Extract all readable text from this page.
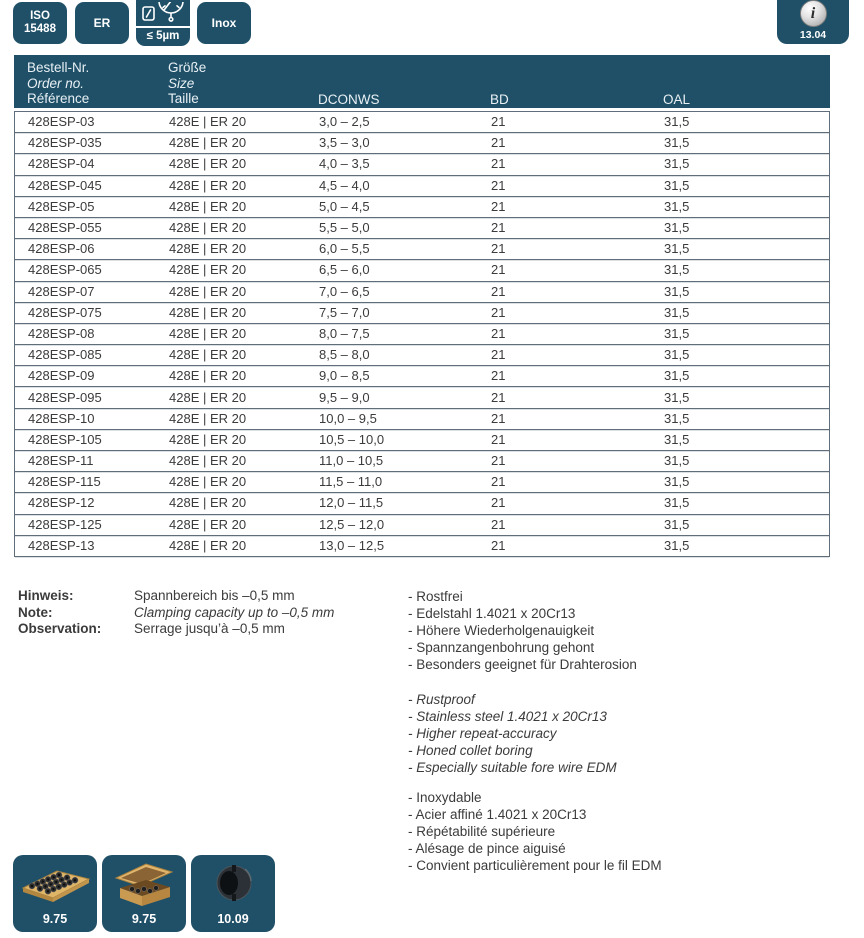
ISO
15488	ER
≤ 5µm
Inox
i
13.04
Bestell-Nr.
Order no.
Référence
Größe
Size
Taille	DCONWS	BD	OAL
428ESP-03	428E | ER 20	3,0 – 2,5	21	31,5
428ESP-035	428E | ER 20	3,5 – 3,0	21	31,5
428ESP-04	428E | ER 20	4,0 – 3,5	21	31,5
428ESP-045	428E | ER 20	4,5 – 4,0	21	31,5
428ESP-05	428E | ER 20	5,0 – 4,5	21	31,5
428ESP-055	428E | ER 20	5,5 – 5,0	21	31,5
428ESP-06	428E | ER 20	6,0 – 5,5	21	31,5
428ESP-065	428E | ER 20	6,5 – 6,0	21	31,5
428ESP-07	428E | ER 20	7,0 – 6,5	21	31,5
428ESP-075	428E | ER 20	7,5 – 7,0	21	31,5
428ESP-08	428E | ER 20	8,0 – 7,5	21	31,5
428ESP-085	428E | ER 20	8,5 – 8,0	21	31,5
428ESP-09	428E | ER 20	9,0 – 8,5	21	31,5
428ESP-095	428E | ER 20	9,5 – 9,0	21	31,5
428ESP-10	428E | ER 20	10,0 – 9,5	21	31,5
428ESP-105	428E | ER 20	10,5 – 10,0	21	31,5
428ESP-11	428E | ER 20	11,0 – 10,5	21	31,5
428ESP-115	428E | ER 20	11,5 – 11,0	21	31,5
428ESP-12	428E | ER 20	12,0 – 11,5	21	31,5
428ESP-125	428E | ER 20	12,5 – 12,0	21	31,5
428ESP-13	428E | ER 20	13,0 – 12,5	21	31,5
Hinweis:	Spannbereich bis –0,5 mm
Note:	Clamping capacity up to –0,5 mm
Observation:	Serrage jusqu’à –0,5 mm
- Rostfrei
- Edelstahl 1.4021 x 20Cr13
- Höhere Wiederholgenauigkeit
- Spannzangenbohrung gehont
- Besonders geeignet für Drahterosion
- Rustproof
- Stainless steel 1.4021 x 20Cr13
- Higher repeat-accuracy
- Honed collet boring
- Especially suitable fore wire EDM
- Inoxydable
- Acier affiné 1.4021 x 20Cr13
- Répétabilité supérieure
- Alésage de pince aiguisé
- Convient particulièrement pour le fil EDM
9.75	9.75	10.09
